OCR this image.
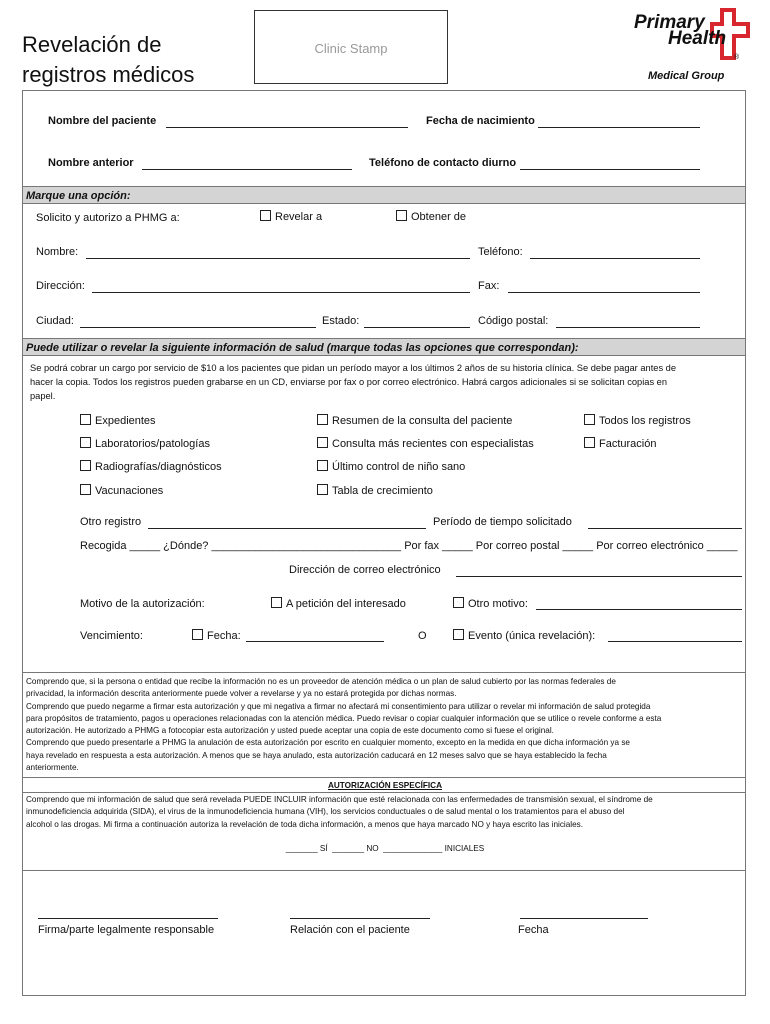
Revelación de
registros médicos
Clinic Stamp
Primary
Health
®
Medical Group
Nombre del paciente	Fecha de nacimiento
Nombre anterior	Teléfono de contacto diurno
Marque una opción:
Solicito y autorizo a PHMG a:	Revelar a	Obtener de
Nombre:	Teléfono:
Dirección:	Fax:
Ciudad:	Estado:	Código postal:
Puede utilizar o revelar la siguiente información de salud (marque todas las opciones que correspondan):
Se podrá cobrar un cargo por servicio de $10 a los pacientes que pidan un período mayor a los últimos 2 años de su historia clínica. Se debe pagar antes de
hacer la copia. Todos los registros pueden grabarse en un CD, enviarse por fax o por correo electrónico. Habrá cargos adicionales si se solicitan copias en
papel.
Expedientes	Resumen de la consulta del paciente	Todos los registros
Laboratorios/patologías	Consulta más recientes con especialistas	Facturación
Radiografías/diagnósticos	Último control de niño sano
Vacunaciones	Tabla de crecimiento
Otro registro	Período de tiempo solicitado
Recogida _____ ¿Dónde? _______________________________ Por fax _____ Por correo postal _____ Por correo electrónico _____
Dirección de correo electrónico
Motivo de la autorización:	A petición del interesado	Otro motivo:
Vencimiento:	Fecha:	O	Evento (única revelación):
Comprendo que, si la persona o entidad que recibe la información no es un proveedor de atención médica o un plan de salud cubierto por las normas federales de
privacidad, la información descrita anteriormente puede volver a revelarse y ya no estará protegida por dichas normas.
Comprendo que puedo negarme a firmar esta autorización y que mi negativa a firmar no afectará mi consentimiento para utilizar o revelar mi información de salud protegida
para propósitos de tratamiento, pagos u operaciones relacionadas con la atención médica. Puedo revisar o copiar cualquier información que se utilice o revele conforme a esta
autorización. He autorizado a PHMG a fotocopiar esta autorización y usted puede aceptar una copia de este documento como si fuese el original.
Comprendo que puedo presentarle a PHMG la anulación de esta autorización por escrito en cualquier momento, excepto en la medida en que dicha información ya se
haya revelado en respuesta a esta autorización. A menos que se haya anulado, esta autorización caducará en 12 meses salvo que se haya establecido la fecha
anteriormente.
AUTORIZACIÓN ESPECÍFICA
Comprendo que mi información de salud que será revelada PUEDE INCLUIR información que esté relacionada con las enfermedades de transmisión sexual, el síndrome de
inmunodeficiencia adquirida (SIDA), el virus de la inmunodeficiencia humana (VIH), los servicios conductuales o de salud mental o los tratamientos para el abuso del
alcohol o las drogas. Mi firma a continuación autoriza la revelación de toda dicha información, a menos que haya marcado NO y haya escrito las iniciales.
_______ SÍ  _______ NO  _____________ INICIALES
Firma/parte legalmente responsable	Relación con el paciente	Fecha
